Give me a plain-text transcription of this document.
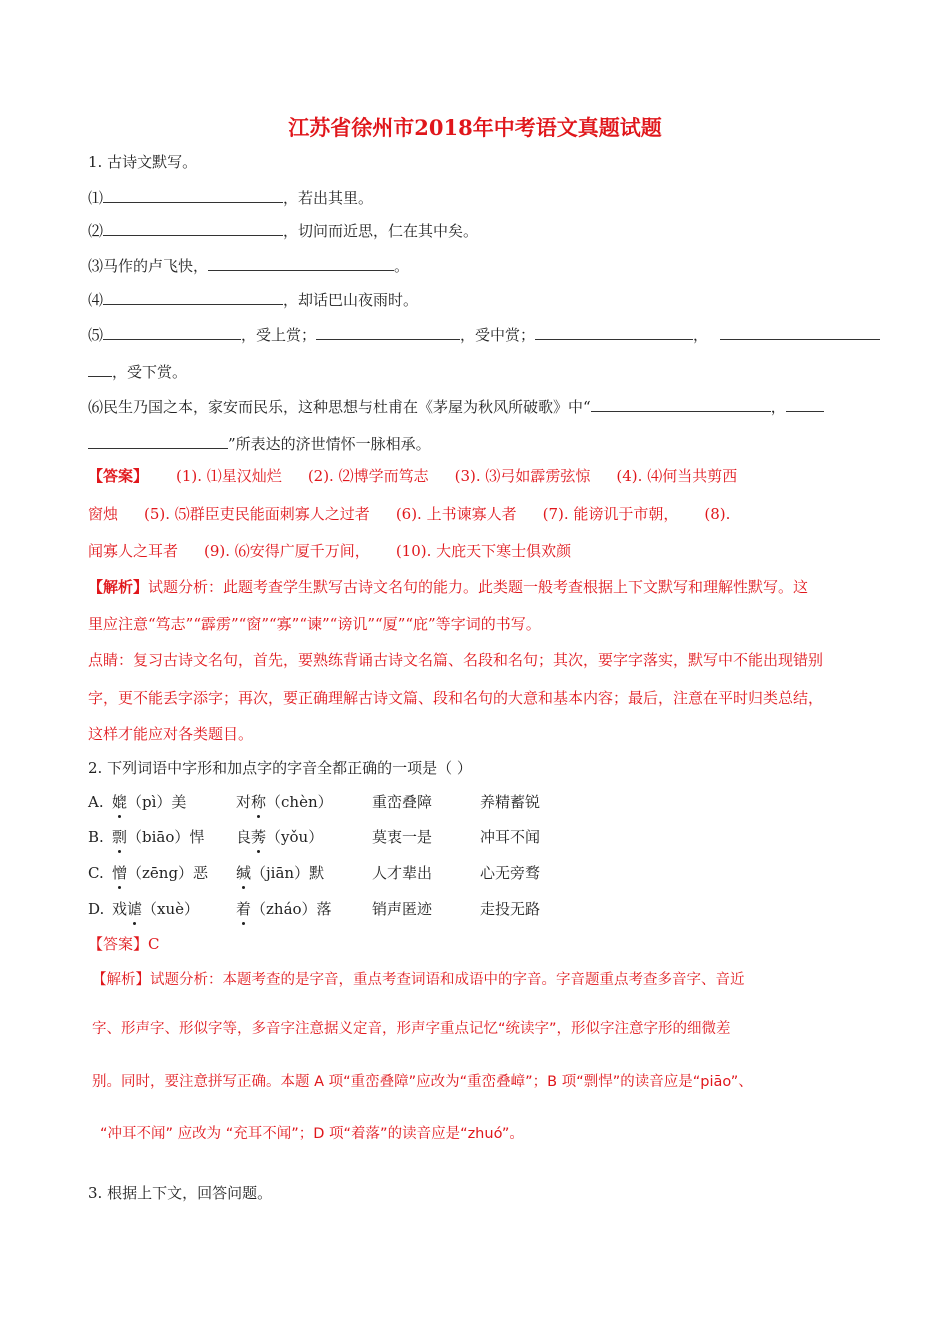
江苏省徐州市2018年中考语文真题试题
1. 古诗文默写。
⑴	，若出其里。
⑵	，切问而近思，仁在其中矣。
⑶马作的卢飞快，	。
⑷	，却话巴山夜雨时。
⑸	，受上赏；	，受中赏；	，
，受下赏。
⑹民生乃国之本，家安而民乐，这种思想与杜甫在《茅屋为秋风所破歌》中“	，
”所表达的济世情怀一脉相承。
【答案】 (1). ⑴星汉灿烂 (2). ⑵博学而笃志 (3). ⑶弓如霹雳弦惊 (4). ⑷何当共剪西
窗烛 (5). ⑸群臣吏民能面刺寡人之过者 (6). 上书谏寡人者 (7). 能谤讥于市朝， (8).
闻寡人之耳者 (9). ⑹安得广厦千万间， (10). 大庇天下寒士俱欢颜
【解析】试题分析：此题考查学生默写古诗文名句的能力。此类题一般考查根据上下文默写和理解性默写。这
里应注意“笃志”“霹雳”“窗”“寡”“谏”“谤讥”“厦”“庇”等字词的书写。
点睛：复习古诗文名句，首先，要熟练背诵古诗文名篇、名段和名句；其次，要字字落实，默写中不能出现错别
字，更不能丢字添字；再次，要正确理解古诗文篇、段和名句的大意和基本内容；最后，注意在平时归类总结，
这样才能应对各类题目。
2. 下列词语中字形和加点字的字音全都正确的一项是（ ）
A. 媲（pì）美	对称（chèn）	重峦叠障	养精蓄锐
B. 剽（biāo）悍 良莠（yǒu）	莫衷一是	冲耳不闻
C. 憎（zēng）恶 缄（jiān）默	人才辈出	心无旁骛
D. 戏谑（xuè） 着（zháo）落	销声匿迹	走投无路
【答案】C
【解析】试题分析：本题考查的是字音，重点考查词语和成语中的字音。字音题重点考查多音字、音近
字、形声字、形似字等，多音字注意据义定音，形声字重点记忆“统读字”，形似字注意字形的细微差
别。同时，要注意拼写正确。本题 A 项“重峦叠障”应改为“重峦叠嶂”；B 项“剽悍”的读音应是“piāo”、
“冲耳不闻” 应改为 “充耳不闻”；D 项“着落”的读音应是“zhuó”。
3. 根据上下文，回答问题。
